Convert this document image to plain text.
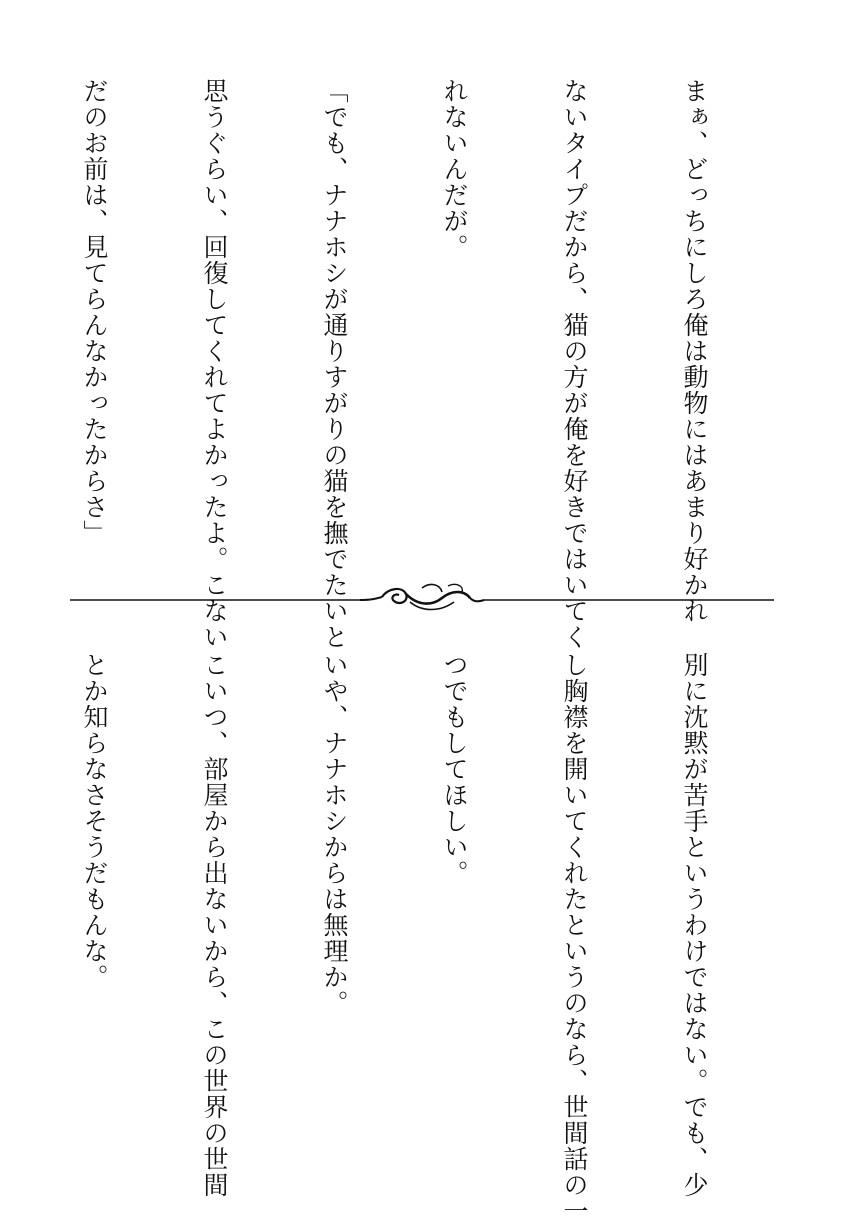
まぁ、どっちにしろ俺は動物にはあまり好かれ

ないタイプだから、猫の方が俺を好きではいてく

れないんだが。

「でも、ナナホシが通りすがりの猫を撫でたいと

思うぐらい、回復してくれてよかったよ。こない

だのお前は、見てらんなかったからさ」

別に沈黙が苦手というわけではない。でも、少

し胸襟を開いてくれたというのなら、世間話の一

つでもしてほしい。

いや、ナナホシからは無理か。

こいつ、部屋から出ないから、この世界の世間

とか知らなさそうだもんな。
